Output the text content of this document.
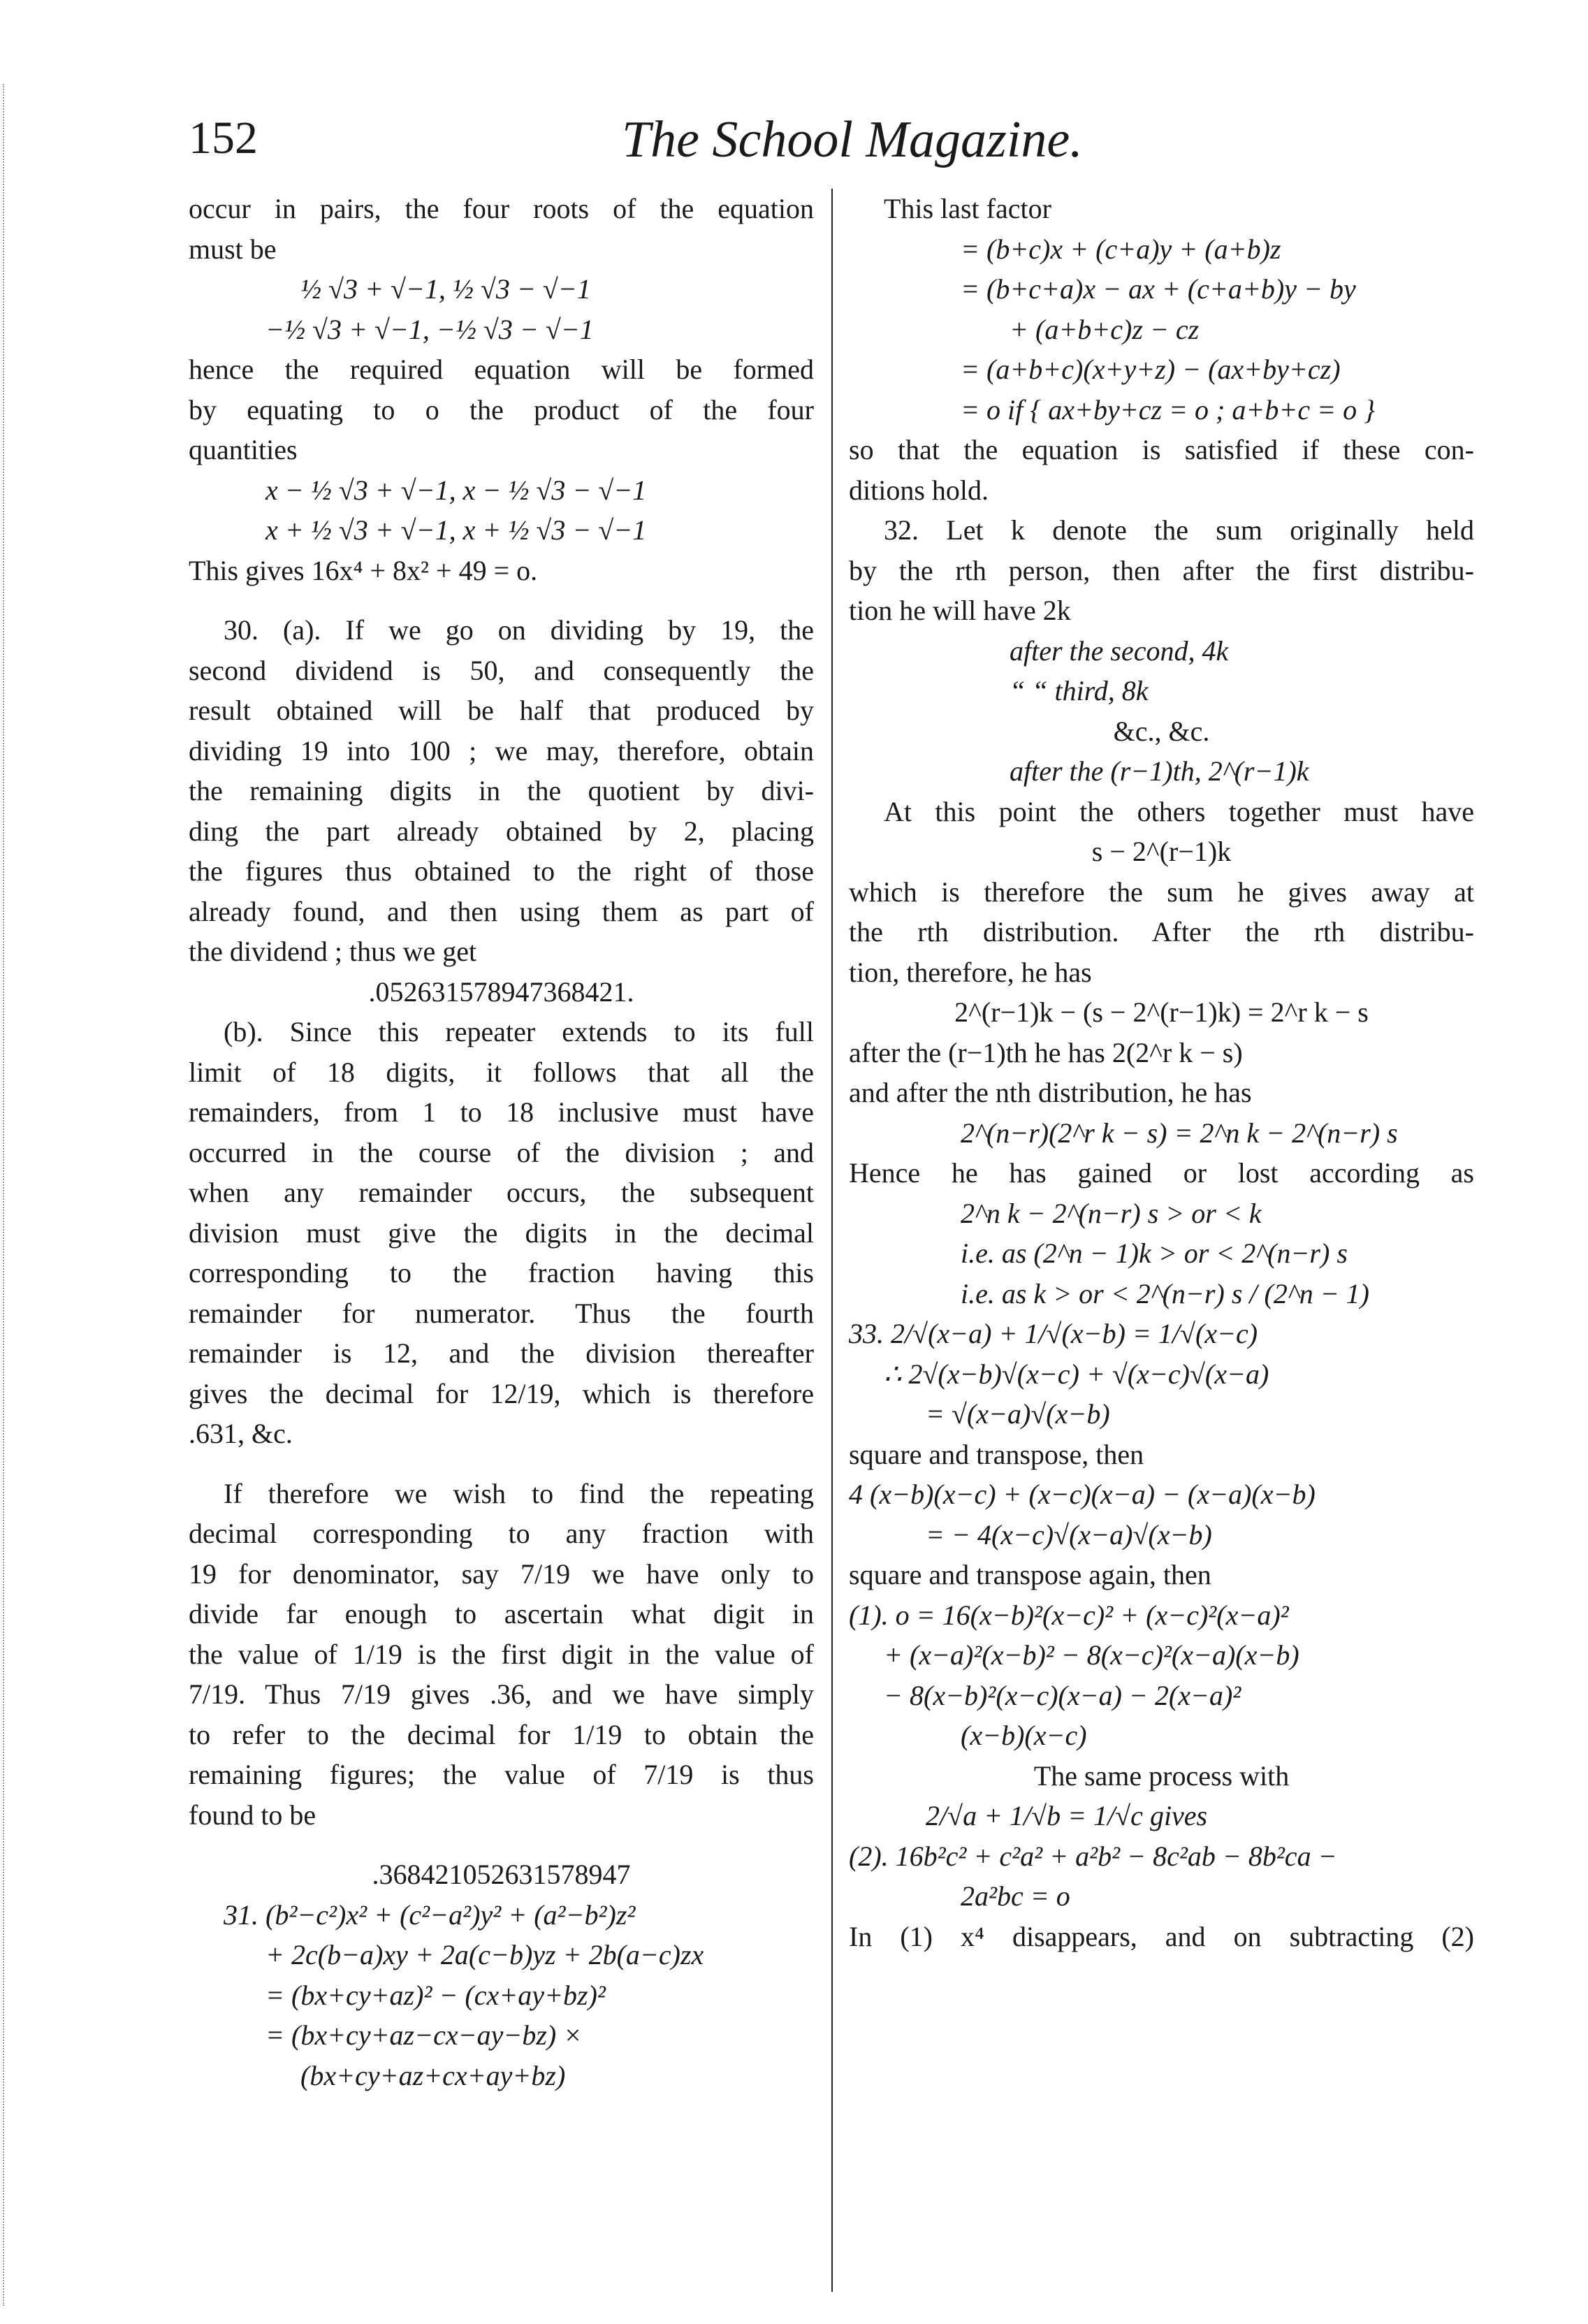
152	The School Magazine.
occur in pairs, the four roots of the equation
must be
½ √3 + √−1, ½ √3 − √−1
−½ √3 + √−1, −½ √3 − √−1
hence the required equation will be formed
by equating to o the product of the four
quantities
x − ½ √3 + √−1, x − ½ √3 − √−1
x + ½ √3 + √−1, x + ½ √3 − √−1
This gives 16x⁴ + 8x² + 49 = o.
30. (a). If we go on dividing by 19, the
second dividend is 50, and consequently the
result obtained will be half that produced by
dividing 19 into 100 ; we may, therefore, obtain
the remaining digits in the quotient by divi-
ding the part already obtained by 2, placing
the figures thus obtained to the right of those
already found, and then using them as part of
the dividend ; thus we get
.052631578947368421.
(b). Since this repeater extends to its full
limit of 18 digits, it follows that all the
remainders, from 1 to 18 inclusive must have
occurred in the course of the division ; and
when any remainder occurs, the subsequent
division must give the digits in the decimal
corresponding to the fraction having this
remainder for numerator. Thus the fourth
remainder is 12, and the division thereafter
gives the decimal for 12/19, which is therefore
.631, &c.
If therefore we wish to find the repeating
decimal corresponding to any fraction with
19 for denominator, say 7/19 we have only to
divide far enough to ascertain what digit in
the value of 1/19 is the first digit in the value of
7/19. Thus 7/19 gives .36, and we have simply
to refer to the decimal for 1/19 to obtain the
remaining figures; the value of 7/19 is thus
found to be
.368421052631578947
31. (b²−c²)x² + (c²−a²)y² + (a²−b²)z²
+ 2c(b−a)xy + 2a(c−b)yz + 2b(a−c)zx
= (bx+cy+az)² − (cx+ay+bz)²
= (bx+cy+az−cx−ay−bz) ×
(bx+cy+az+cx+ay+bz)
This last factor
= (b+c)x + (c+a)y + (a+b)z
= (b+c+a)x − ax + (c+a+b)y − by
+ (a+b+c)z − cz
= (a+b+c)(x+y+z) − (ax+by+cz)
= o if { ax+by+cz = o ; a+b+c = o }
so that the equation is satisfied if these con-
ditions hold.
32. Let k denote the sum originally held
by the rth person, then after the first distribu-
tion he will have 2k
after the second, 4k
“ “ third, 8k
&c., &c.
after the (r−1)th, 2^(r−1)k
At this point the others together must have
s − 2^(r−1)k
which is therefore the sum he gives away at
the rth distribution. After the rth distribu-
tion, therefore, he has
2^(r−1)k − (s − 2^(r−1)k) = 2^r k − s
after the (r−1)th he has 2(2^r k − s)
and after the nth distribution, he has
2^(n−r)(2^r k − s) = 2^n k − 2^(n−r) s
Hence he has gained or lost according as
2^n k − 2^(n−r) s > or < k
i.e. as (2^n − 1)k > or < 2^(n−r) s
i.e. as k > or < 2^(n−r) s / (2^n − 1)
33. 2/√(x−a) + 1/√(x−b) = 1/√(x−c)
∴ 2√(x−b)√(x−c) + √(x−c)√(x−a)
= √(x−a)√(x−b)
square and transpose, then
4 (x−b)(x−c) + (x−c)(x−a) − (x−a)(x−b)
= − 4(x−c)√(x−a)√(x−b)
square and transpose again, then
(1). o = 16(x−b)²(x−c)² + (x−c)²(x−a)²
+ (x−a)²(x−b)² − 8(x−c)²(x−a)(x−b)
− 8(x−b)²(x−c)(x−a) − 2(x−a)²
(x−b)(x−c)
The same process with
2/√a + 1/√b = 1/√c gives
(2). 16b²c² + c²a² + a²b² − 8c²ab − 8b²ca −
2a²bc = o
In (1) x⁴ disappears, and on subtracting (2)
